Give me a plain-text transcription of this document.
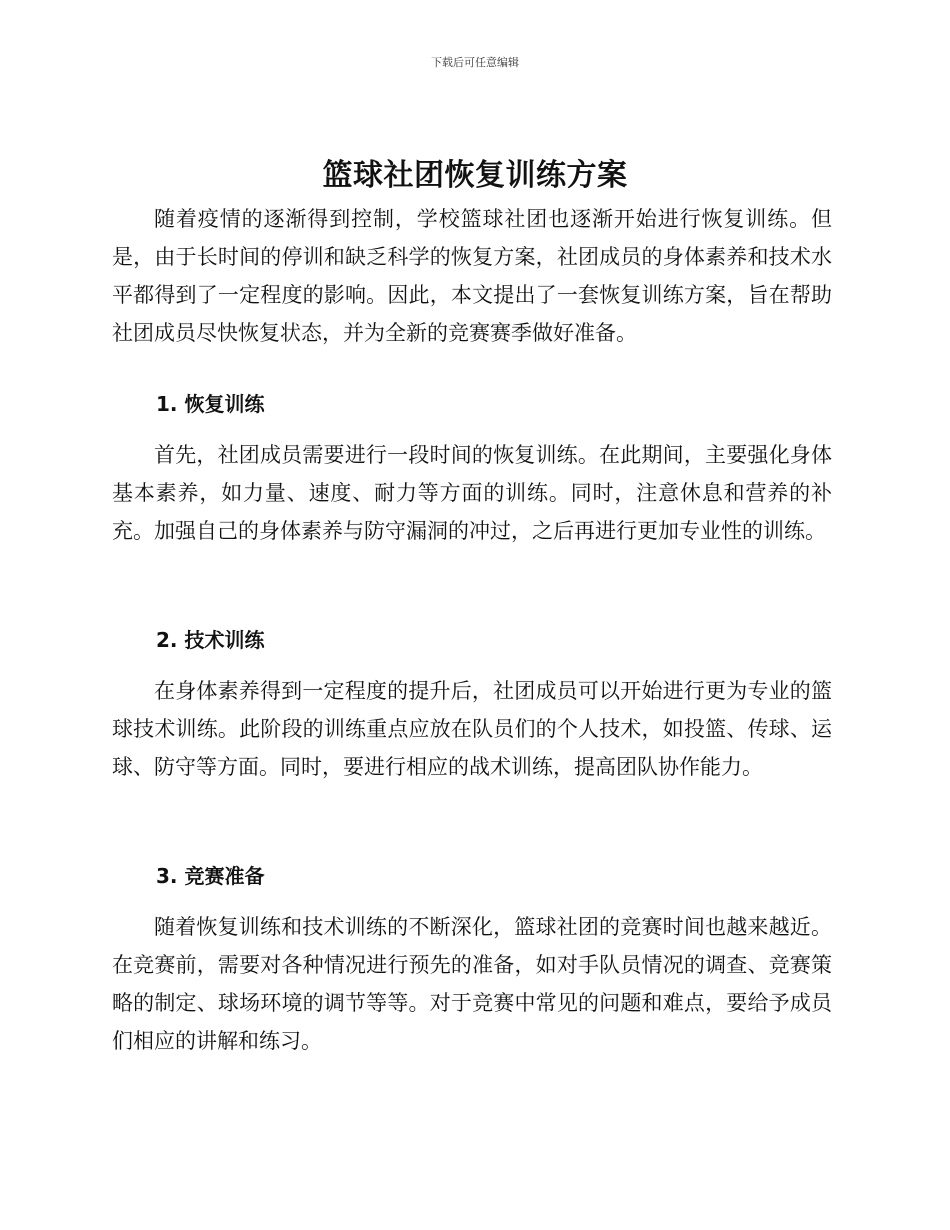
下载后可任意编辑
篮球社团恢复训练方案

随着疫情的逐渐得到控制，学校篮球社团也逐渐开始进行恢复训练。但是，由于长时间的停训和缺乏科学的恢复方案，社团成员的身体素养和技术水平都得到了一定程度的影响。因此，本文提出了一套恢复训练方案，旨在帮助社团成员尽快恢复状态，并为全新的竞赛赛季做好准备。

1. 恢复训练

首先，社团成员需要进行一段时间的恢复训练。在此期间，主要强化身体基本素养，如力量、速度、耐力等方面的训练。同时，注意休息和营养的补充。加强自己的身体素养与防守漏洞的冲过，之后再进行更加专业性的训练。

2. 技术训练

在身体素养得到一定程度的提升后，社团成员可以开始进行更为专业的篮球技术训练。此阶段的训练重点应放在队员们的个人技术，如投篮、传球、运球、防守等方面。同时，要进行相应的战术训练，提高团队协作能力。

3. 竞赛准备

随着恢复训练和技术训练的不断深化，篮球社团的竞赛时间也越来越近。在竞赛前，需要对各种情况进行预先的准备，如对手队员情况的调查、竞赛策略的制定、球场环境的调节等等。对于竞赛中常见的问题和难点，要给予成员们相应的讲解和练习。
